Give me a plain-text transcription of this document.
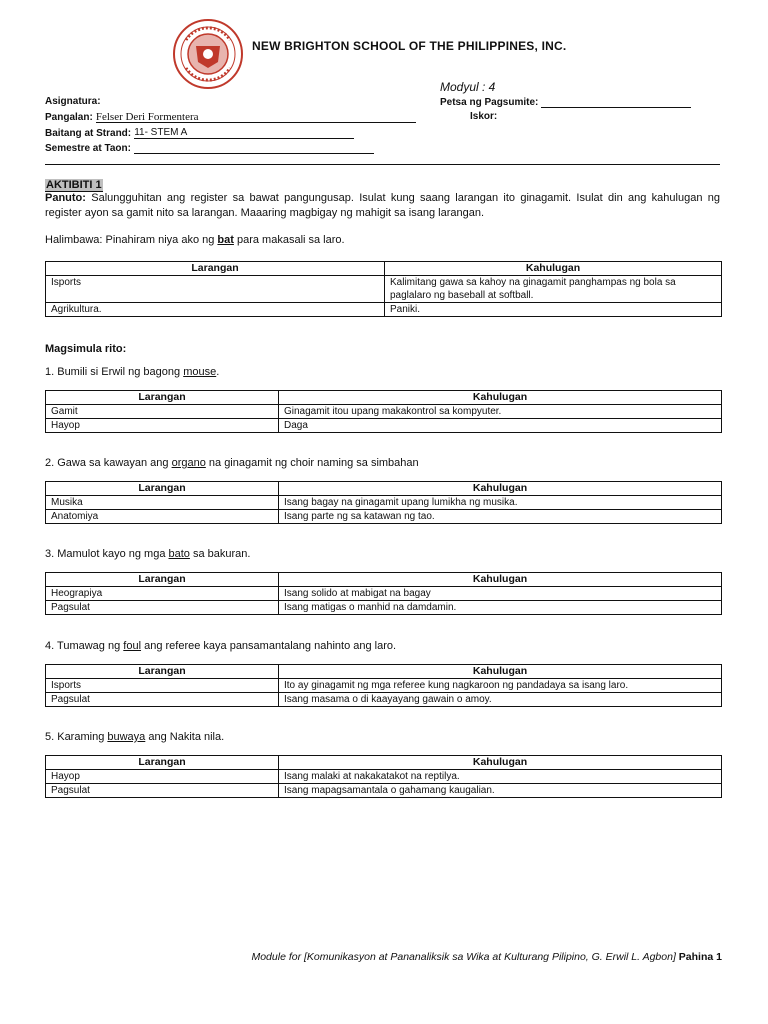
NEW BRIGHTON SCHOOL OF THE PHILIPPINES, INC.
Modyul : 4
Asignatura:	Petsa ng Pagsumite:
Pangalan: Felser Deri Formentera	Iskor:
Baitang at Strand: 11- STEM A
Semestre at Taon:
AKTIBITI 1
Panuto: Salungguhitan ang register sa bawat pangungusap. Isulat kung saang larangan ito ginagamit. Isulat din ang kahulugan ng register ayon sa gamit nito sa larangan. Maaaring magbigay ng mahigit sa isang larangan.
Halimbawa: Pinahiram niya ako ng bat para makasali sa laro.
Larangan	Kahulugan
Isports	Kalimitang gawa sa kahoy na ginagamit panghampas ng bola sa paglalaro ng baseball at softball.
Agrikultura.	Paniki.
Magsimula rito:
1. Bumili si Erwil ng bagong mouse.
Larangan	Kahulugan
Gamit	Ginagamit itou upang makakontrol sa kompyuter.
Hayop	Daga
2. Gawa sa kawayan ang organo na ginagamit ng choir naming sa simbahan
Larangan	Kahulugan
Musika	Isang bagay na ginagamit upang lumikha ng musika.
Anatomiya	Isang parte ng sa katawan ng tao.
3. Mamulot kayo ng mga bato sa bakuran.
Larangan	Kahulugan
Heograpiya	Isang solido at mabigat na bagay
Pagsulat	Isang matigas o manhid na damdamin.
4. Tumawag ng foul ang referee kaya pansamantalang nahinto ang laro.
Larangan	Kahulugan
Isports	Ito ay ginagamit ng mga referee kung nagkaroon ng pandadaya sa isang laro.
Pagsulat	Isang masama o di kaayayang gawain o amoy.
5. Karaming buwaya ang Nakita nila.
Larangan	Kahulugan
Hayop	Isang malaki at nakakatakot na reptilya.
Pagsulat	Isang mapagsamantala o gahamang kaugalian.
Module for [Komunikasyon at Pananaliksik sa Wika at Kulturang Pilipino, G. Erwil L. Agbon] Pahina 1
